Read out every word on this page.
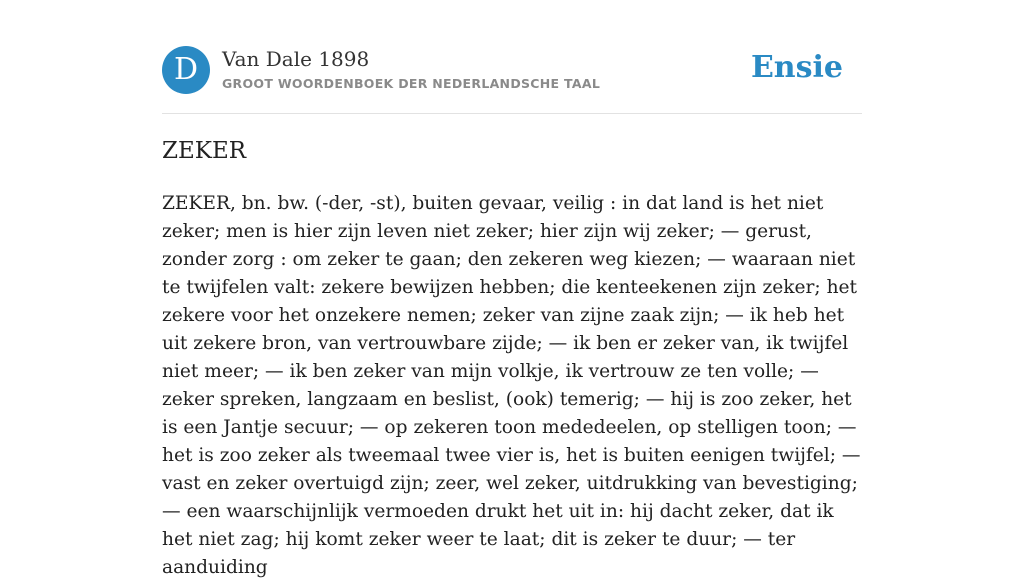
D	Van Dale 1898
GROOT WOORDENBOEK DER NEDERLANDSCHE TAAL	Ensie
ZEKER

ZEKER, bn. bw. (-der, -st), buiten gevaar, veilig : in dat land is het niet zeker; men is hier zijn leven niet zeker; hier zijn wij zeker; — gerust, zonder zorg : om zeker te gaan; den zekeren weg kiezen; — waaraan niet te twijfelen valt: zekere bewijzen hebben; die kenteekenen zijn zeker; het zekere voor het onzekere nemen; zeker van zijne zaak zijn; — ik heb het uit zekere bron, van vertrouwbare zijde; — ik ben er zeker van, ik twijfel niet meer; — ik ben zeker van mijn volkje, ik vertrouw ze ten volle; — zeker spreken, langzaam en beslist, (ook) temerig; — hij is zoo zeker, het is een Jantje secuur; — op zekeren toon mededeelen, op stelligen toon; — het is zoo zeker als tweemaal twee vier is, het is buiten eenigen twijfel; — vast en zeker overtuigd zijn; zeer, wel zeker, uitdrukking van bevestiging; — een waarschijnlijk vermoeden drukt het uit in: hij dacht zeker, dat ik het niet zag; hij komt zeker weer te laat; dit is zeker te duur; — ter aanduiding
